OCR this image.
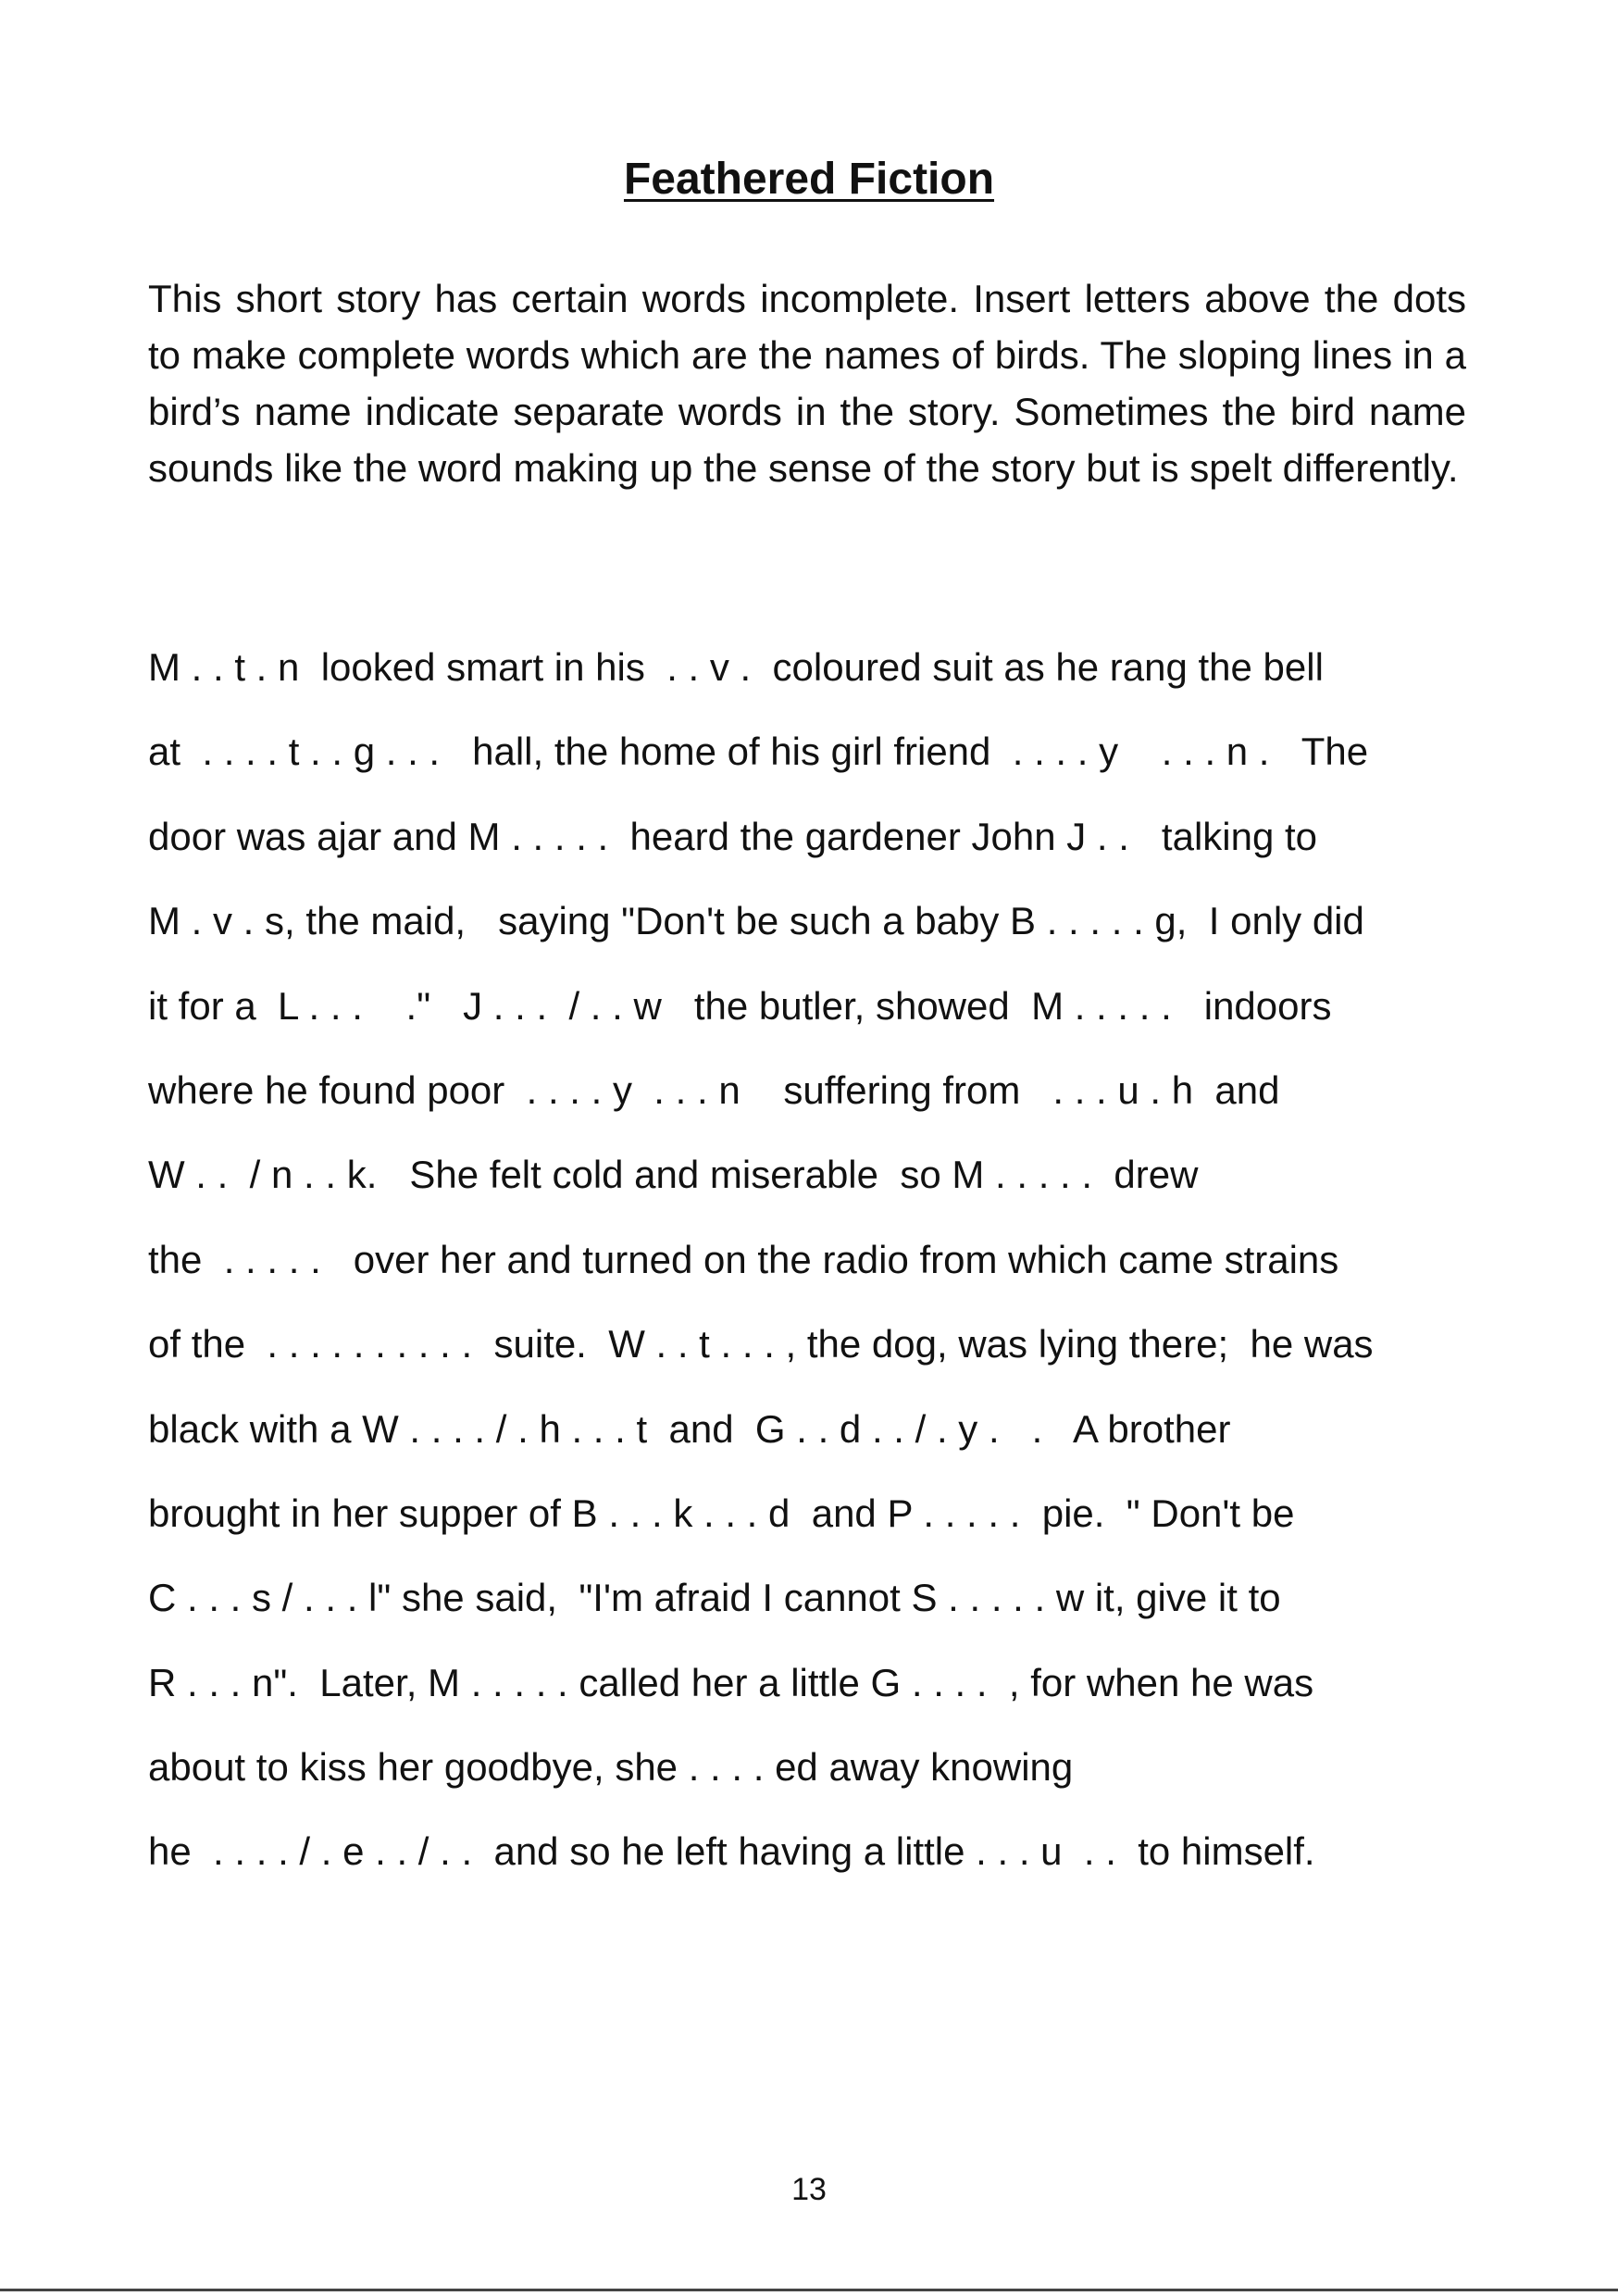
Feathered Fiction

This short story has certain words incomplete. Insert letters above the dots to make complete words which are the names of birds. The sloping lines in a bird’s name indicate separate words in the story. Sometimes the bird name sounds like the word making up the sense of the story but is spelt differently.

M . . t . n  looked smart in his  . . v .  coloured suit as he rang the bell
at  . . . . t . . g . . .   hall, the home of his girl friend  . . . . y    . . . n .   The
door was ajar and M . . . . .  heard the gardener John J . .   talking to
M . v . s, the maid,   saying "Don't be such a baby B . . . . . g,  I only did
it for a  L . . .    ."   J . . .  / . . w   the butler, showed  M . . . . .   indoors
where he found poor  . . . . y  . . . n    suffering from   . . . u . h  and
W . .  / n . . k.   She felt cold and miserable  so M . . . . .  drew
the  . . . . .   over her and turned on the radio from which came strains
of the  . . . . . . . . . .  suite.  W . . t . . . , the dog, was lying there;  he was
black with a W . . . . / . h . . . t  and  G . . d . . / . y .   .   A brother
brought in her supper of B . . . k . . . d  and P . . . . .  pie.  " Don't be
C . . . s / . . . l" she said,  "I'm afraid I cannot S . . . . . w it, give it to
R . . . n".  Later, M . . . . . called her a little G . . . .  , for when he was
about to kiss her goodbye, she . . . . ed away knowing
he  . . . . / . e . . / . .  and so he left having a little . . . u  . .  to himself.
13
